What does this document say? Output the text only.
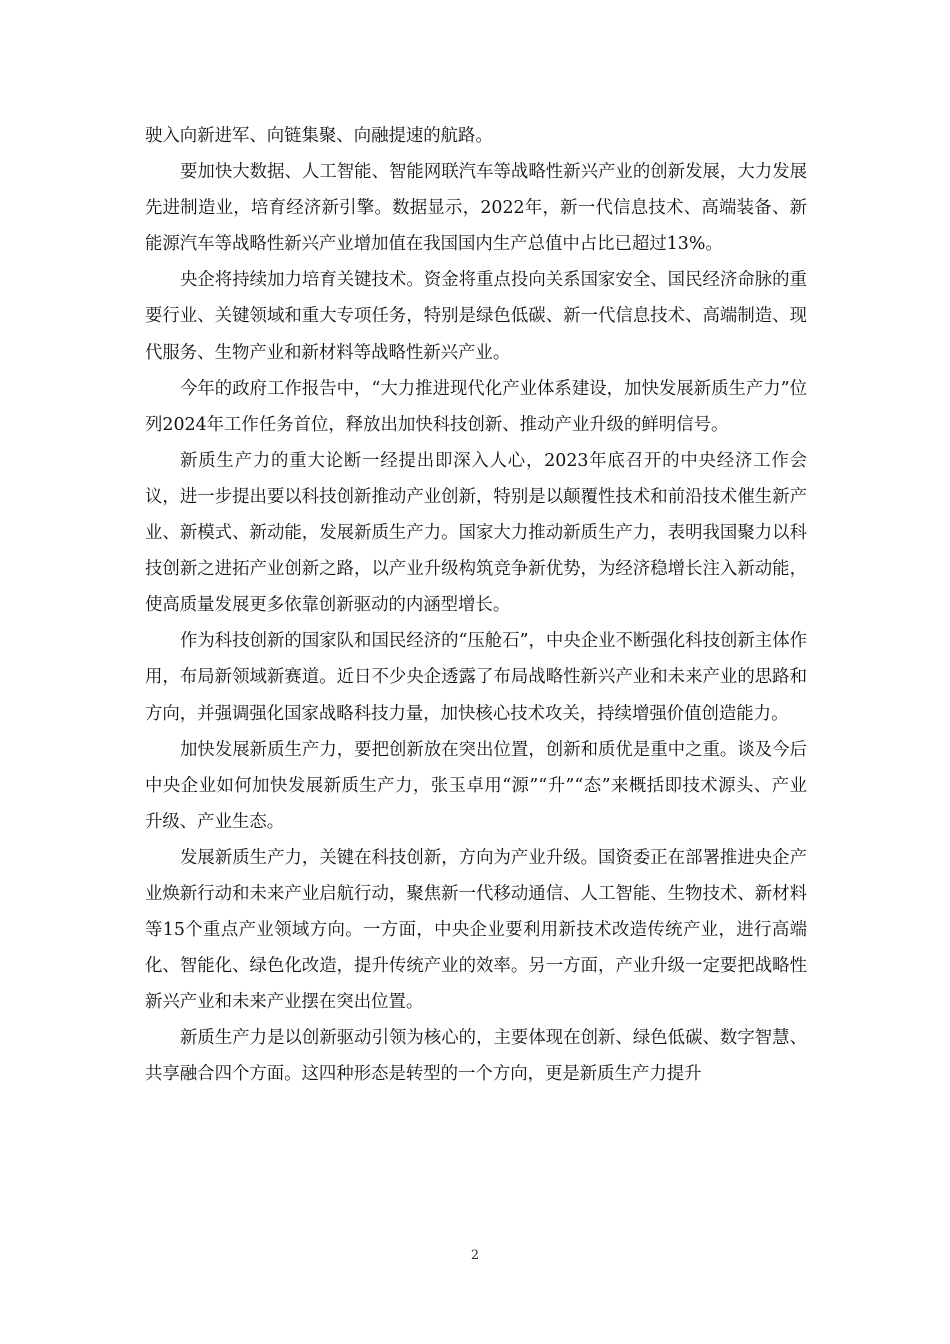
驶入向新进军、向链集聚、向融提速的航路。

要加快大数据、人工智能、智能网联汽车等战略性新兴产业的创新发展，大力发展先进制造业，培育经济新引擎。数据显示，2022年，新一代信息技术、高端装备、新能源汽车等战略性新兴产业增加值在我国国内生产总值中占比已超过13%。

央企将持续加力培育关键技术。资金将重点投向关系国家安全、国民经济命脉的重要行业、关键领域和重大专项任务，特别是绿色低碳、新一代信息技术、高端制造、现代服务、生物产业和新材料等战略性新兴产业。

今年的政府工作报告中，“大力推进现代化产业体系建设，加快发展新质生产力”位列2024年工作任务首位，释放出加快科技创新、推动产业升级的鲜明信号。

新质生产力的重大论断一经提出即深入人心，2023年底召开的中央经济工作会议，进一步提出要以科技创新推动产业创新，特别是以颠覆性技术和前沿技术催生新产业、新模式、新动能，发展新质生产力。国家大力推动新质生产力，表明我国聚力以科技创新之进拓产业创新之路，以产业升级构筑竞争新优势，为经济稳增长注入新动能，使高质量发展更多依靠创新驱动的内涵型增长。

作为科技创新的国家队和国民经济的“压舱石”，中央企业不断强化科技创新主体作用，布局新领域新赛道。近日不少央企透露了布局战略性新兴产业和未来产业的思路和方向，并强调强化国家战略科技力量，加快核心技术攻关，持续增强价值创造能力。

加快发展新质生产力，要把创新放在突出位置，创新和质优是重中之重。谈及今后中央企业如何加快发展新质生产力，张玉卓用“源”“升”“态”来概括即技术源头、产业升级、产业生态。

发展新质生产力，关键在科技创新，方向为产业升级。国资委正在部署推进央企产业焕新行动和未来产业启航行动，聚焦新一代移动通信、人工智能、生物技术、新材料等15个重点产业领域方向。一方面，中央企业要利用新技术改造传统产业，进行高端化、智能化、绿色化改造，提升传统产业的效率。另一方面，产业升级一定要把战略性新兴产业和未来产业摆在突出位置。

新质生产力是以创新驱动引领为核心的，主要体现在创新、绿色低碳、数字智慧、共享融合四个方面。这四种形态是转型的一个方向，更是新质生产力提升

2
